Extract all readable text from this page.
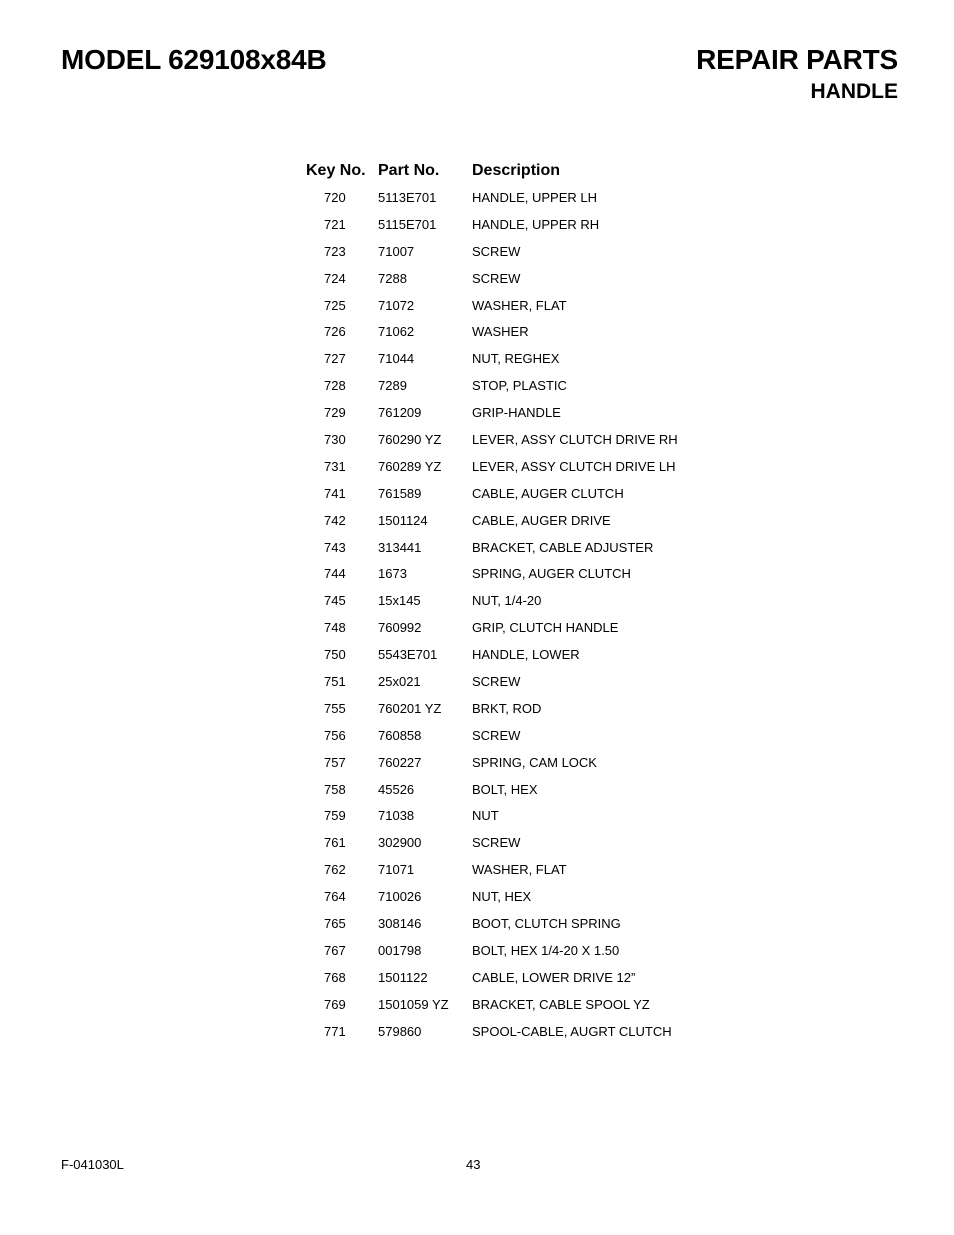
MODEL 629108x84B	REPAIR PARTS
HANDLE
Key No.	Part No.	Description
720	5113E701	HANDLE, UPPER LH
721	5115E701	HANDLE, UPPER RH
723	71007	SCREW
724	7288	SCREW
725	71072	WASHER, FLAT
726	71062	WASHER
727	71044	NUT, REGHEX
728	7289	STOP, PLASTIC
729	761209	GRIP-HANDLE
730	760290 YZ	LEVER, ASSY CLUTCH DRIVE RH
731	760289 YZ	LEVER, ASSY CLUTCH DRIVE LH
741	761589	CABLE, AUGER CLUTCH
742	1501124	CABLE, AUGER DRIVE
743	313441	BRACKET, CABLE ADJUSTER
744	1673	SPRING, AUGER CLUTCH
745	15x145	NUT, 1/4-20
748	760992	GRIP, CLUTCH HANDLE
750	5543E701	HANDLE, LOWER
751	25x021	SCREW
755	760201 YZ	BRKT, ROD
756	760858	SCREW
757	760227	SPRING, CAM LOCK
758	45526	BOLT, HEX
759	71038	NUT
761	302900	SCREW
762	71071	WASHER, FLAT
764	710026	NUT, HEX
765	308146	BOOT, CLUTCH SPRING
767	001798	BOLT, HEX 1/4-20 X 1.50
768	1501122	CABLE, LOWER DRIVE 12”
769	1501059 YZ	BRACKET, CABLE SPOOL YZ
771	579860	SPOOL-CABLE, AUGRT CLUTCH
F-041030L	43
